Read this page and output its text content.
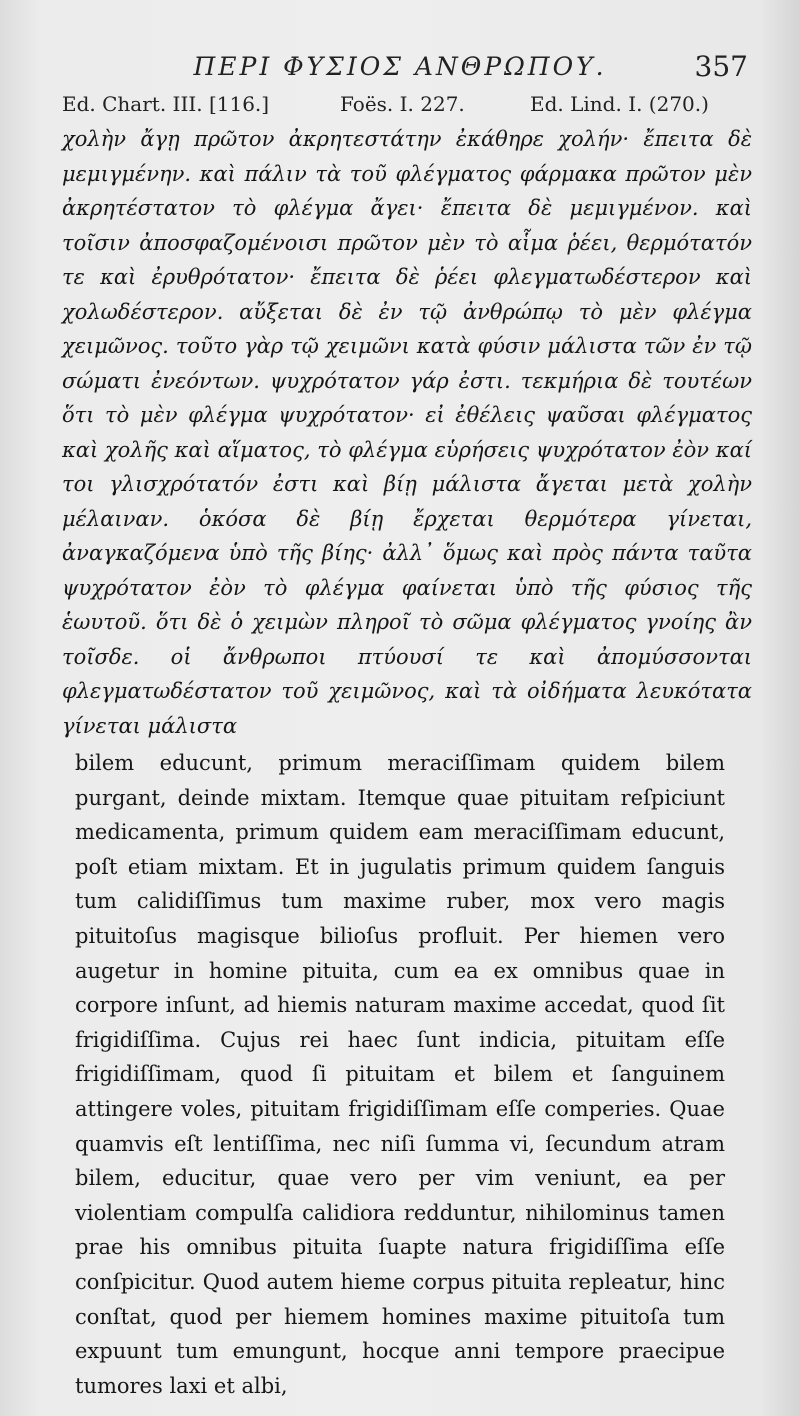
ΠΕΡΙ ΦΥΣΙΟΣ ΑΝΘΡΩΠΟΥ.	357
Ed. Chart. III. [116.]	Foës. I. 227.	Ed. Lind. I. (270.)
χολὴν ἄγῃ πρῶτον ἀκρητεστάτην ἐκάθηρε χολήν· ἔπειτα δὲ μεμιγμένην. καὶ πάλιν τὰ τοῦ φλέγματος φάρμακα πρῶτον μὲν ἀκρητέστατον τὸ φλέγμα ἄγει· ἔπειτα δὲ μεμιγμένον. καὶ τοῖσιν ἀποσφαζομένοισι πρῶτον μὲν τὸ αἷμα ῥέει, θερμότατόν τε καὶ ἐρυθρότατον· ἔπειτα δὲ ῥέει φλεγματωδέστερον καὶ χολωδέστερον. αὔξεται δὲ ἐν τῷ ἀνθρώπῳ τὸ μὲν φλέγμα χειμῶνος. τοῦτο γὰρ τῷ χειμῶνι κατὰ φύσιν μάλιστα τῶν ἐν τῷ σώματι ἐνεόντων. ψυχρότατον γάρ ἐστι. τεκμήρια δὲ τουτέων ὅτι τὸ μὲν φλέγμα ψυχρότατον· εἰ ἐθέλεις ψαῦσαι φλέγματος καὶ χολῆς καὶ αἵματος, τὸ φλέγμα εὑρήσεις ψυχρότατον ἐὸν καί τοι γλισχρότατόν ἐστι καὶ βίῃ μάλιστα ἄγεται μετὰ χολὴν μέλαιναν. ὁκόσα δὲ βίῃ ἔρχεται θερμότερα γίνεται, ἀναγκαζόμενα ὑπὸ τῆς βίης· ἀλλ᾽ ὅμως καὶ πρὸς πάντα ταῦτα ψυχρότατον ἐὸν τὸ φλέγμα φαίνεται ὑπὸ τῆς φύσιος τῆς ἑωυτοῦ. ὅτι δὲ ὁ χειμὼν πληροῖ τὸ σῶμα φλέγματος γνοίης ἂν τοῖσδε. οἱ ἄνθρωποι πτύουσί τε καὶ ἀπομύσσονται φλεγματωδέστατον τοῦ χειμῶνος, καὶ τὰ οἰδήματα λευκότατα γίνεται μάλιστα
bilem educunt, primum meraciſſimam quidem bilem purgant, deinde mixtam. Itemque quae pituitam reſpiciunt medicamenta, primum quidem eam meraciſſimam educunt, poſt etiam mixtam. Et in jugulatis primum quidem ſanguis tum calidiſſimus tum maxime ruber, mox vero magis pituitoſus magisque bilioſus profluit. Per hiemen vero augetur in homine pituita, cum ea ex omnibus quae in corpore inſunt, ad hiemis naturam maxime accedat, quod ſit frigidiſſima. Cujus rei haec ſunt indicia, pituitam eſſe frigidiſſimam, quod ſi pituitam et bilem et ſanguinem attingere voles, pituitam frigidiſſimam eſſe comperies. Quae quamvis eſt lentiſſima, nec niſi ſumma vi, ſecundum atram bilem, educitur, quae vero per vim veniunt, ea per violentiam compulſa calidiora redduntur, nihilominus tamen prae his omnibus pituita ſuapte natura frigidiſſima eſſe conſpicitur. Quod autem hieme corpus pituita repleatur, hinc conſtat, quod per hiemem homines maxime pituitoſa tum expuunt tum emungunt, hocque anni tempore praecipue tumores laxi et albi,
